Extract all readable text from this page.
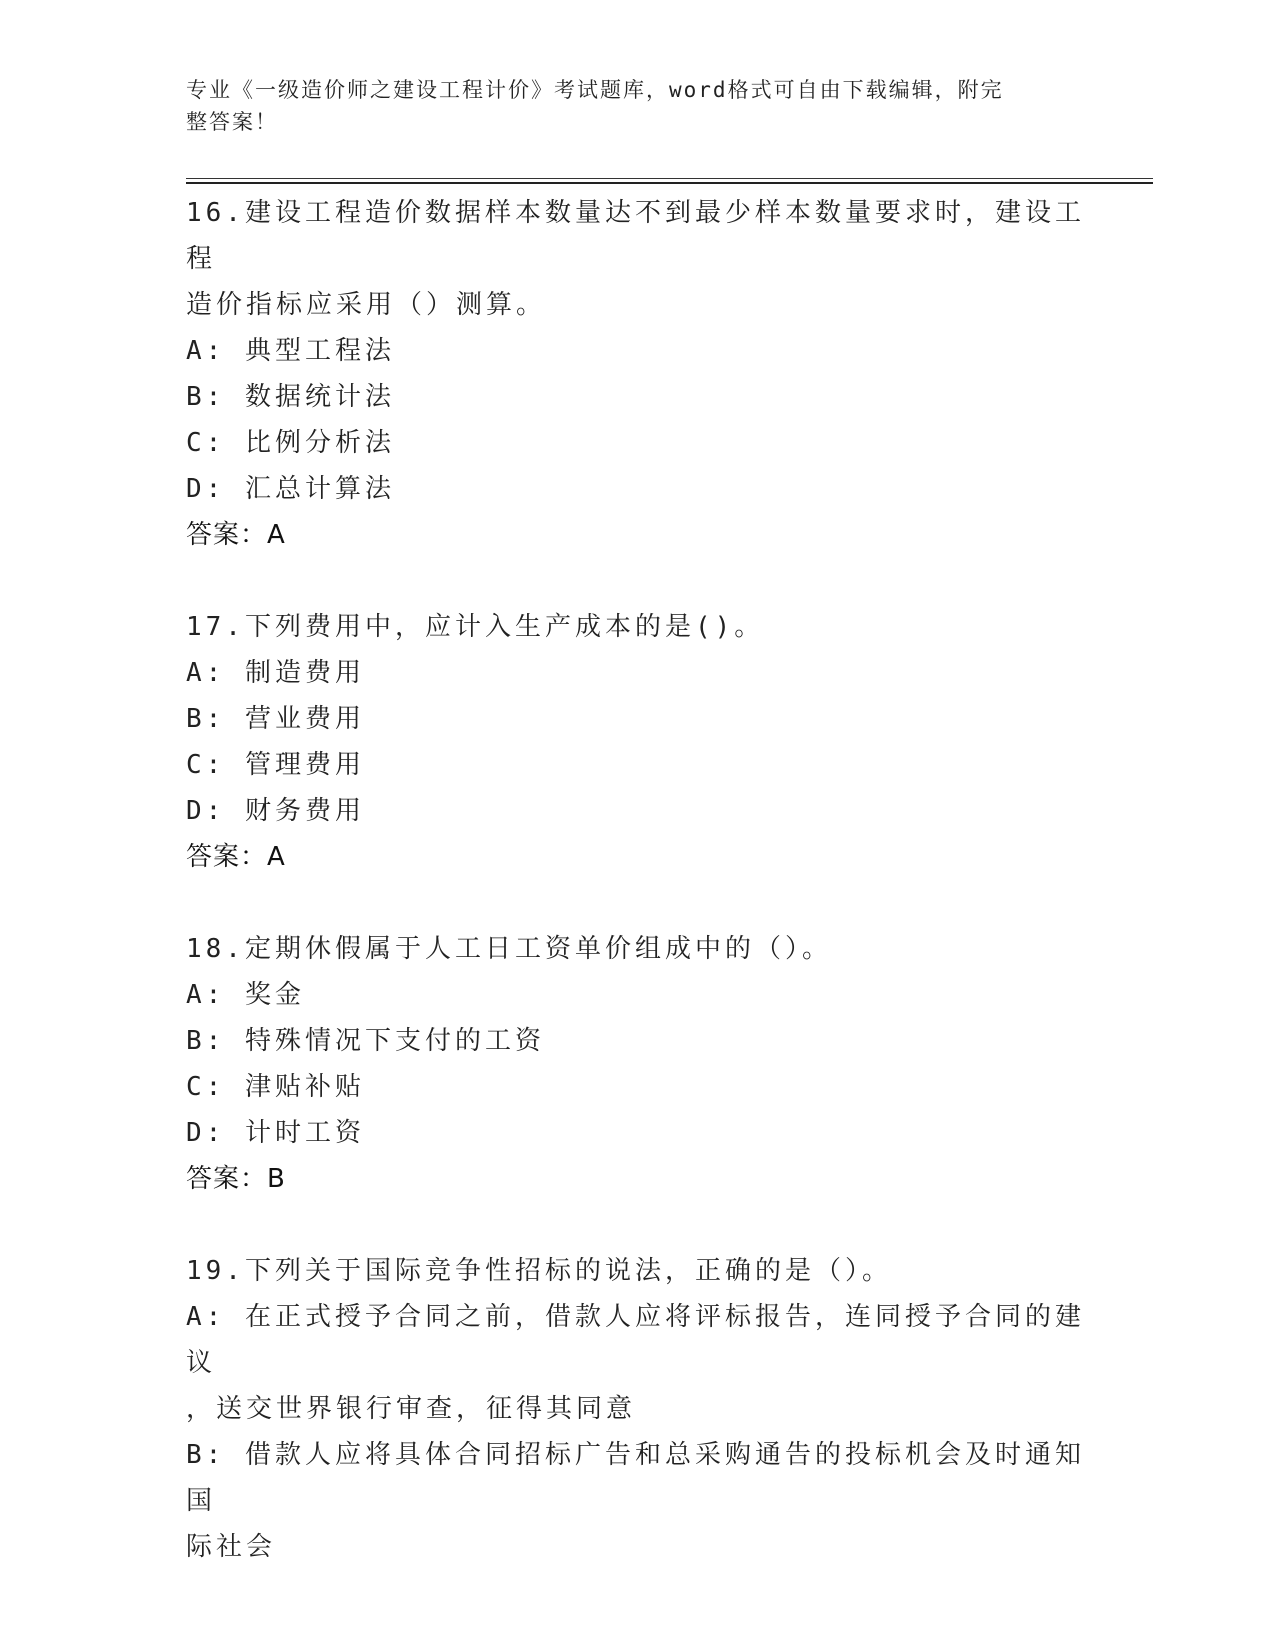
专业《一级造价师之建设工程计价》考试题库，word格式可自由下载编辑，附完
整答案！
16.建设工程造价数据样本数量达不到最少样本数量要求时，建设工程
造价指标应采用（）测算。
A: 典型工程法
B: 数据统计法
C: 比例分析法
D: 汇总计算法
答案：A
17.下列费用中，应计入生产成本的是()。
A: 制造费用
B: 营业费用
C: 管理费用
D: 财务费用
答案：A
18.定期休假属于人工日工资单价组成中的（）。
A: 奖金
B: 特殊情况下支付的工资
C: 津贴补贴
D: 计时工资
答案：B
19.下列关于国际竞争性招标的说法，正确的是（）。
A: 在正式授予合同之前，借款人应将评标报告，连同授予合同的建议
，送交世界银行审查，征得其同意
B: 借款人应将具体合同招标广告和总采购通告的投标机会及时通知国
际社会
